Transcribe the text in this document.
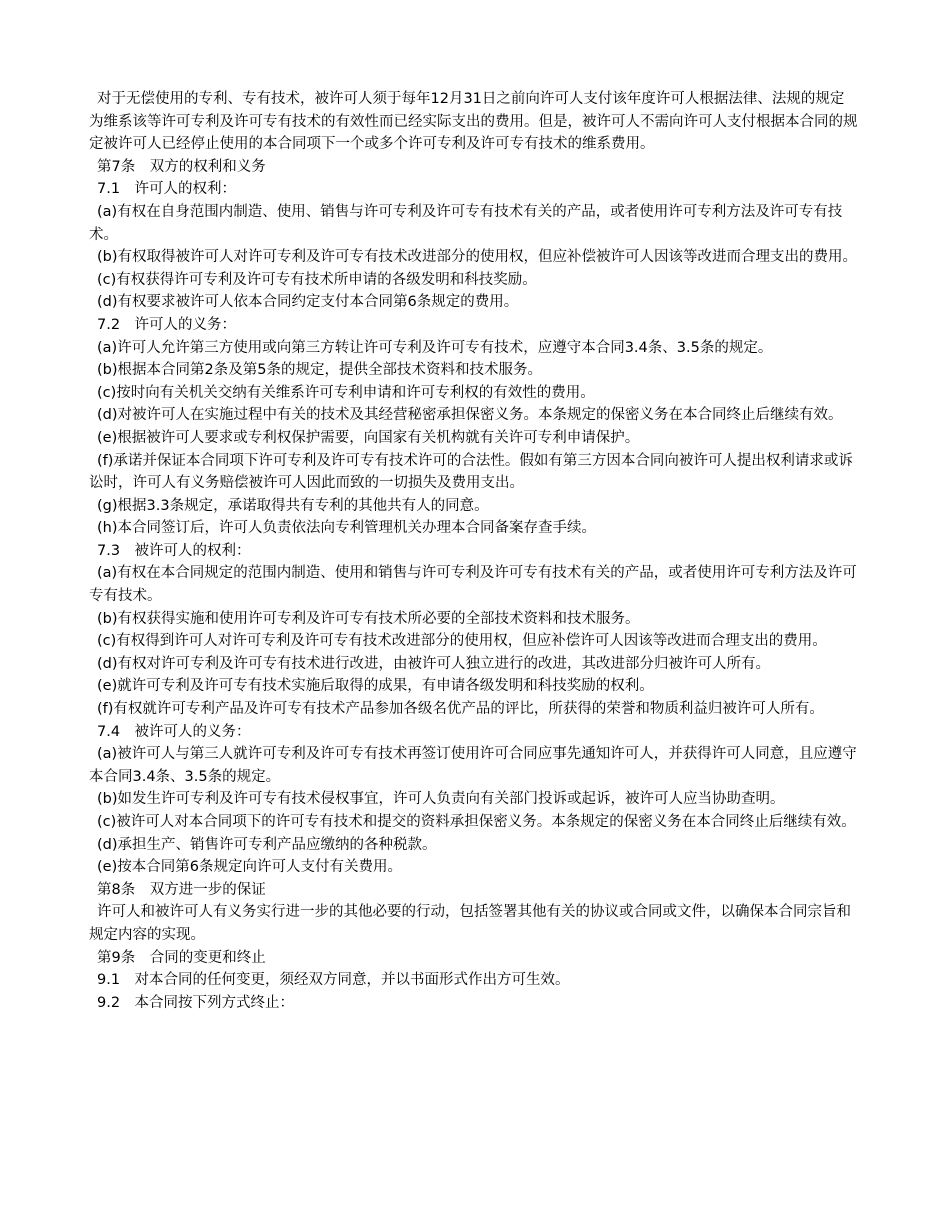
对于无偿使用的专利、专有技术，被许可人须于每年12月31日之前向许可人支付该年度许可人根据法律、法规的规定为维系该等许可专利及许可专有技术的有效性而已经实际支出的费用。但是，被许可人不需向许可人支付根据本合同的规定被许可人已经停止使用的本合同项下一个或多个许可专利及许可专有技术的维系费用。

第7条　双方的权利和义务

7.1　许可人的权利：

(a)有权在自身范围内制造、使用、销售与许可专利及许可专有技术有关的产品，或者使用许可专利方法及许可专有技术。

(b)有权取得被许可人对许可专利及许可专有技术改进部分的使用权，但应补偿被许可人因该等改进而合理支出的费用。

(c)有权获得许可专利及许可专有技术所申请的各级发明和科技奖励。

(d)有权要求被许可人依本合同约定支付本合同第6条规定的费用。

7.2　许可人的义务：

(a)许可人允许第三方使用或向第三方转让许可专利及许可专有技术，应遵守本合同3.4条、3.5条的规定。

(b)根据本合同第2条及第5条的规定，提供全部技术资料和技术服务。

(c)按时向有关机关交纳有关维系许可专利申请和许可专利权的有效性的费用。

(d)对被许可人在实施过程中有关的技术及其经营秘密承担保密义务。本条规定的保密义务在本合同终止后继续有效。

(e)根据被许可人要求或专利权保护需要，向国家有关机构就有关许可专利申请保护。

(f)承诺并保证本合同项下许可专利及许可专有技术许可的合法性。假如有第三方因本合同向被许可人提出权利请求或诉讼时，许可人有义务赔偿被许可人因此而致的一切损失及费用支出。

(g)根据3.3条规定，承诺取得共有专利的其他共有人的同意。

(h)本合同签订后，许可人负责依法向专利管理机关办理本合同备案存查手续。

7.3　被许可人的权利：

(a)有权在本合同规定的范围内制造、使用和销售与许可专利及许可专有技术有关的产品，或者使用许可专利方法及许可专有技术。

(b)有权获得实施和使用许可专利及许可专有技术所必要的全部技术资料和技术服务。

(c)有权得到许可人对许可专利及许可专有技术改进部分的使用权，但应补偿许可人因该等改进而合理支出的费用。

(d)有权对许可专利及许可专有技术进行改进，由被许可人独立进行的改进，其改进部分归被许可人所有。

(e)就许可专利及许可专有技术实施后取得的成果，有申请各级发明和科技奖励的权利。

(f)有权就许可专利产品及许可专有技术产品参加各级名优产品的评比，所获得的荣誉和物质利益归被许可人所有。

7.4　被许可人的义务：

(a)被许可人与第三人就许可专利及许可专有技术再签订使用许可合同应事先通知许可人，并获得许可人同意，且应遵守本合同3.4条、3.5条的规定。

(b)如发生许可专利及许可专有技术侵权事宜，许可人负责向有关部门投诉或起诉，被许可人应当协助查明。

(c)被许可人对本合同项下的许可专有技术和提交的资料承担保密义务。本条规定的保密义务在本合同终止后继续有效。

(d)承担生产、销售许可专利产品应缴纳的各种税款。

(e)按本合同第6条规定向许可人支付有关费用。

第8条　双方进一步的保证

许可人和被许可人有义务实行进一步的其他必要的行动，包括签署其他有关的协议或合同或文件，以确保本合同宗旨和规定内容的实现。

第9条　合同的变更和终止

9.1　对本合同的任何变更，须经双方同意，并以书面形式作出方可生效。

9.2　本合同按下列方式终止：
